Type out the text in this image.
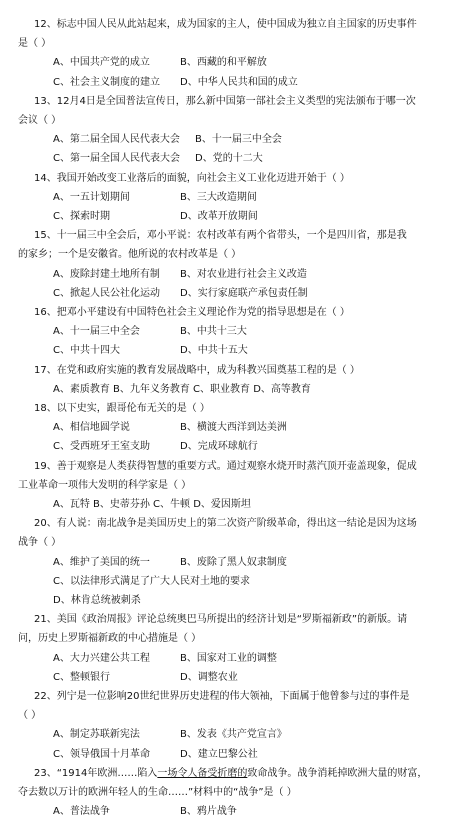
12、标志中国人民从此站起来，成为国家的主人，使中国成为独立自主国家的历史事件
是（ ）
A、中国共产党的成立	B、西藏的和平解放
C、社会主义制度的建立 D、中华人民共和国的成立
13、12月4日是全国普法宣传日，那么新中国第一部社会主义类型的宪法颁布于哪一次
会议（ ）
A、第二届全国人民代表大会 B、十一届三中全会
C、第一届全国人民代表大会 D、党的十二大
14、我国开始改变工业落后的面貌，向社会主义工业化迈进开始于（ ）
A、一五计划期间	B、三大改造期间
C、探索时期	D、改革开放期间
15、十一届三中全会后，邓小平说：农村改革有两个省带头，一个是四川省，那是我
的家乡；一个是安徽省。他所说的农村改革是（ ）
A、废除封建土地所有制 B、对农业进行社会主义改造
C、掀起人民公社化运动 D、实行家庭联产承包责任制
16、把邓小平建设有中国特色社会主义理论作为党的指导思想是在（ ）
A、十一届三中全会	B、中共十三大
C、中共十四大	D、中共十五大
17、在党和政府实施的教育发展战略中，成为科教兴国奠基工程的是（ ）
A、素质教育 B、九年义务教育 C、职业教育 D、高等教育
18、以下史实，跟哥伦布无关的是（ ）
A、相信地圆学说	B、横渡大西洋到达美洲
C、受西班牙王室支助	D、完成环球航行
19、善于观察是人类获得智慧的重要方式。通过观察水烧开时蒸汽顶开壶盖现象，促成
工业革命一项伟大发明的科学家是（ ）
A、瓦特 B、史蒂芬孙 C、牛顿 D、爱因斯坦
20、有人说：南北战争是美国历史上的第二次资产阶级革命，得出这一结论是因为这场
战争（ ）
A、维护了美国的统一	B、废除了黑人奴隶制度
C、以法律形式满足了广大人民对土地的要求
D、林肯总统被刺杀
21、美国《政治周报》评论总统奥巴马所提出的经济计划是“罗斯福新政”的新版。请
问，历史上罗斯福新政的中心措施是（ ）
A、大力兴建公共工程	B、国家对工业的调整
C、整顿银行	D、调整农业
22、列宁是一位影响20世纪世界历史进程的伟大领袖，下面属于他曾参与过的事件是
（ ）
A、制定苏联新宪法	B、发表《共产党宣言》
C、领导俄国十月革命	D、建立巴黎公社
23、“1914年欧洲……陷入一场令人备受折磨的致命战争。战争消耗掉欧洲大量的财富，
夺去数以万计的欧洲年轻人的生命……”材料中的“战争”是（ ）
A、普法战争	B、鸦片战争
